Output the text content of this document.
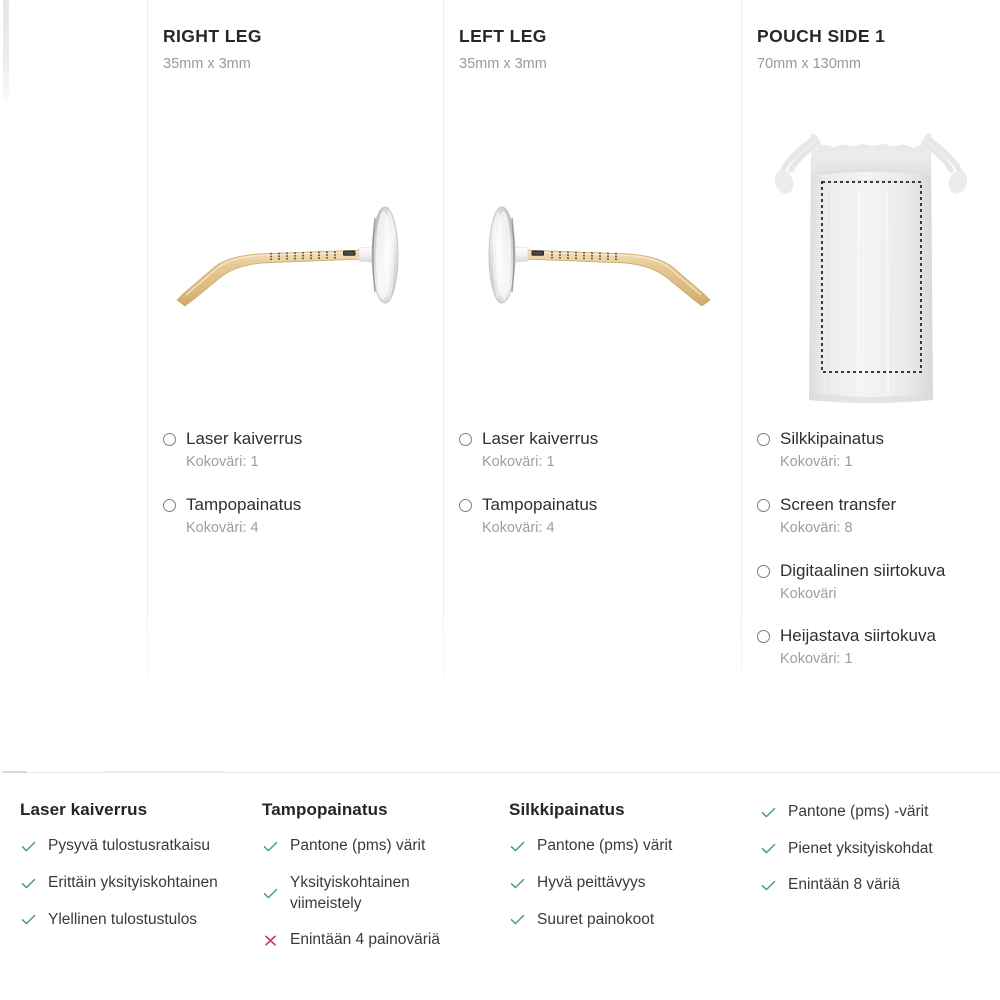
RIGHT LEG
35mm x 3mm
Laser kaiverrus
Kokoväri: 1
Tampopainatus
Kokoväri: 4
LEFT LEG
35mm x 3mm
Laser kaiverrus
Kokoväri: 1
Tampopainatus
Kokoväri: 4
POUCH SIDE 1
70mm x 130mm
Silkkipainatus
Kokoväri: 1
Screen transfer
Kokoväri: 8
Digitaalinen siirtokuva
Kokoväri
Heijastava siirtokuva
Kokoväri: 1
Laser kaiverrus
Pysyvä tulostusratkaisu
Erittäin yksityiskohtainen
Ylellinen tulostustulos
Tampopainatus
Pantone (pms) värit
Yksityiskohtainen viimeistely
Enintään 4 painoväriä
Silkkipainatus
Pantone (pms) värit
Hyvä peittävyys
Suuret painokoot
Pantone (pms) -värit
Pienet yksityiskohdat
Enintään 8 väriä
